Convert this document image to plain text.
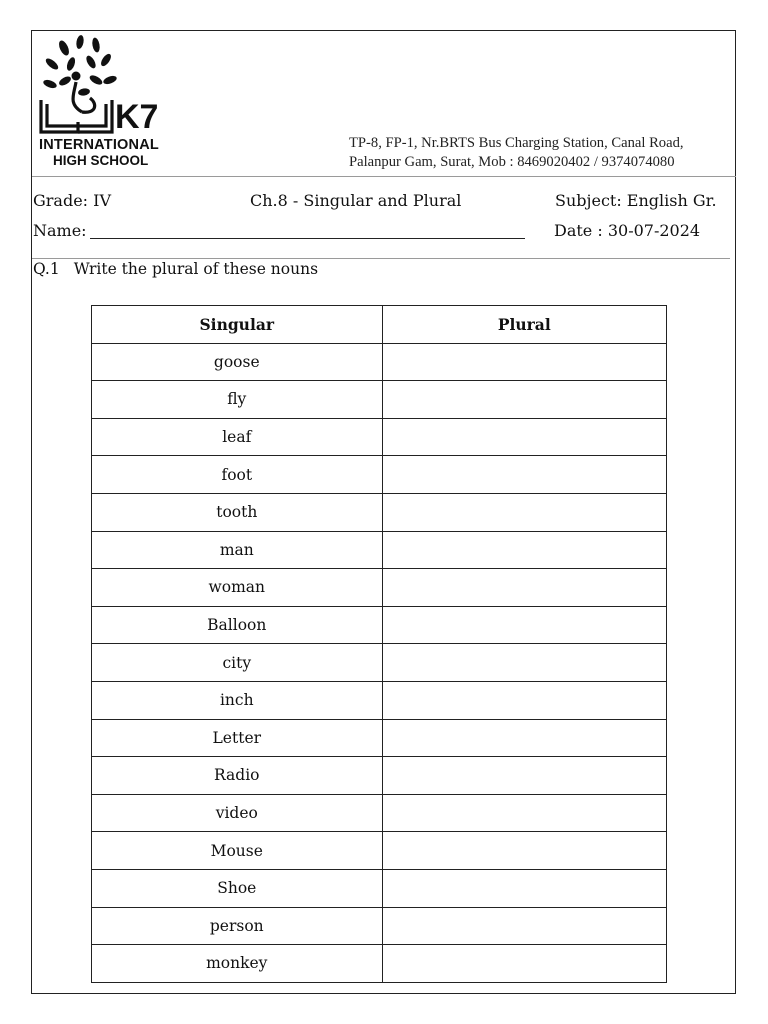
K7
INTERNATIONAL
HIGH SCHOOL
TP-8, FP-1, Nr.BRTS Bus Charging Station, Canal Road,
Palanpur Gam, Surat, Mob : 8469020402 / 9374074080
Grade: IV	Ch.8 - Singular and Plural	Subject: English Gr.
Name:	Date : 30-07-2024
Q.1 Write the plural of these nouns
Singular	Plural
goose	
fly	
leaf	
foot	
tooth	
man	
woman	
Balloon	
city	
inch	
Letter	
Radio	
video	
Mouse	
Shoe	
person	
monkey	
